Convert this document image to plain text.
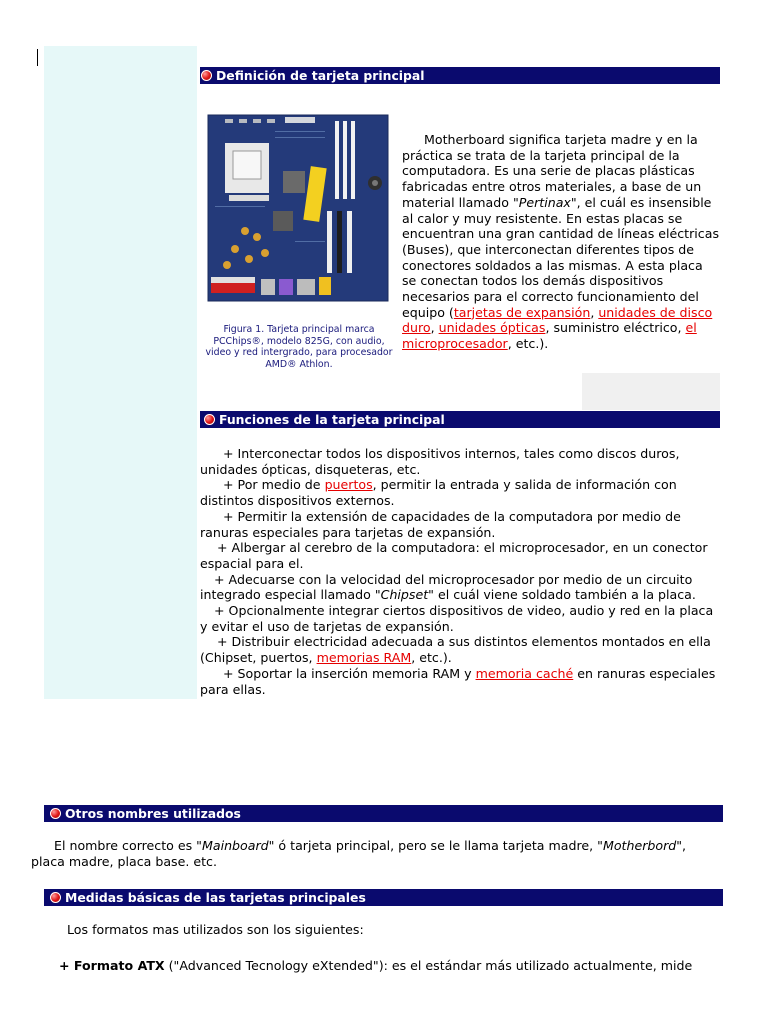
Definición de tarjeta principal
Figura 1. Tarjeta principal marca PCChips®, modelo 825G, con audio, video y red intergrado, para procesador AMD® Athlon.
Motherboard significa tarjeta madre y en la práctica se trata de la tarjeta principal de la computadora. Es una serie de placas plásticas fabricadas entre otros materiales, a base de un material llamado "Pertinax", el cuál es insensible al calor y muy resistente. En estas placas se encuentran una gran cantidad de líneas eléctricas (Buses), que interconectan diferentes tipos de conectores soldados a las mismas. A esta placa se conectan todos los demás dispositivos necesarios para el correcto funcionamiento del equipo (tarjetas de expansión, unidades de disco duro, unidades ópticas, suministro eléctrico, el microprocesador, etc.).
Funciones de la tarjeta principal

+ Interconectar todos los dispositivos internos, tales como discos duros, unidades ópticas, disqueteras, etc.

+ Por medio de puertos, permitir la entrada y salida de información con distintos dispositivos externos.

+ Permitir la extensión de capacidades de la computadora por medio de ranuras especiales para tarjetas de expansión.

+ Albergar al cerebro de la computadora: el microprocesador, en un conector espacial para el.

+ Adecuarse con la velocidad del microprocesador por medio de un circuito integrado especial llamado "Chipset" el cuál viene soldado también a la placa.

+ Opcionalmente integrar ciertos dispositivos de video, audio y red en la placa y evitar el uso de tarjetas de expansión.

+ Distribuir electricidad adecuada a sus distintos elementos montados en ella (Chipset, puertos, memorias RAM, etc.).

+ Soportar la inserción memoria RAM y memoria caché en ranuras especiales para ellas.

Otros nombres utilizados

El nombre correcto es "Mainboard" ó tarjeta principal, pero se le llama tarjeta madre, "Motherbord", placa madre, placa base. etc.

Medidas básicas de las tarjetas principales

Los formatos mas utilizados son los siguientes:

+ Formato ATX ("Advanced Tecnology eXtended"): es el estándar más utilizado actualmente, mide
